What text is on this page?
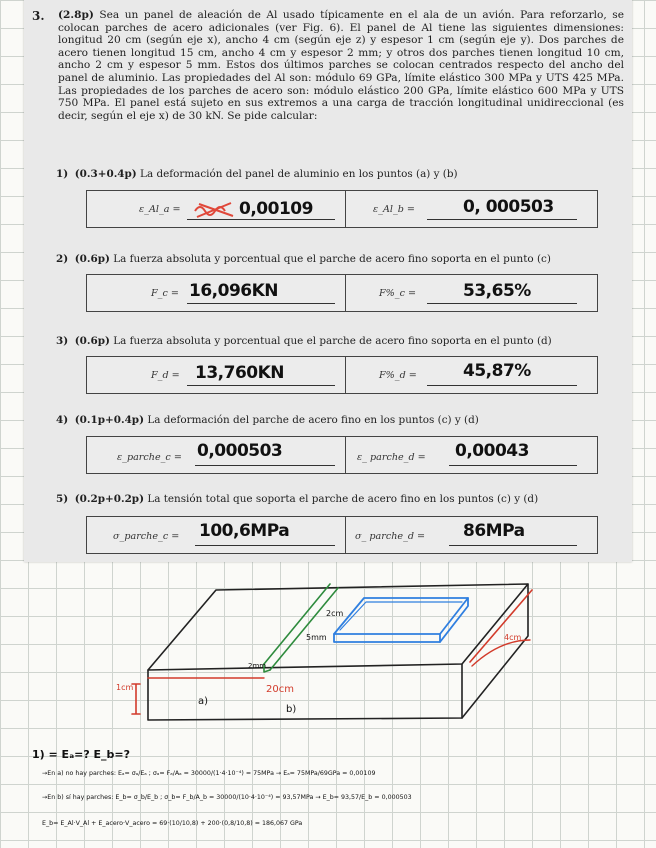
3. (2.8p) Sea un panel de aleación de Al usado típicamente en el ala de un avión. Para reforzarlo, se colocan parches de acero adicionales (ver Fig. 6). El panel de Al tiene las siguientes dimensiones: longitud 20 cm (según eje x), ancho 4 cm (según eje z) y espesor 1 cm (según eje y). Dos parches de acero tienen longitud 15 cm, ancho 4 cm y espesor 2 mm; y otros dos parches tienen longitud 10 cm, ancho 2 cm y espesor 5 mm. Estos dos últimos parches se colocan centrados respecto del ancho del panel de aluminio. Las propiedades del Al son: módulo 69 GPa, límite elástico 300 MPa y UTS 425 MPa. Las propiedades de los parches de acero son: módulo elástico 200 GPa, límite elástico 600 MPa y UTS 750 MPa. El panel está sujeto en sus extremos a una carga de tracción longitudinal unidireccional (es decir, según el eje x) de 30 kN. Se pide calcular:

1) (0.3+0.4p) La deformación del panel de aluminio en los puntos (a) y (b)

ε_Al_a =	0,00109	ε_Al_b =	0, 000503

2) (0.6p) La fuerza absoluta y porcentual que el parche de acero fino soporta en el punto (c)

F_c = 16,096KN	F%_c =	53,65%

3) (0.6p) La fuerza absoluta y porcentual que el parche de acero fino soporta en el punto (d)

F_d = 13,760KN	F%_d =	45,87%

4) (0.1p+0.4p) La deformación del parche de acero fino en los puntos (c) y (d)

ε_parche_c = 0,000503	ε_ parche_d = 0,00043

5) (0.2p+0.2p) La tensión total que soporta el parche de acero fino en los puntos (c) y (d)

σ_parche_c = 100,6MPa	σ_ parche_d = 86MPa
2cm
5mm	4cm
2mm
1cm	20cm
a)
b)
1) = Eₐ=? E_b=?
→En a) no hay parches: Eₐ= σₐ/Eₐ ; σₐ= Fₐ/Aₐ = 30000/(1·4·10⁻⁴) = 75MPa → Eₐ= 75MPa/69GPa = 0,00109
→En b) sí hay parches: E_b= σ_b/E_b ; σ_b= F_b/A_b = 30000/(10·4·10⁻⁴) = 93,57MPa → E_b= 93,57/E_b = 0,000503
E_b= E_Al·V_Al + E_acero·V_acero = 69·(10/10,8) + 200·(0,8/10,8) = 186,067 GPa
